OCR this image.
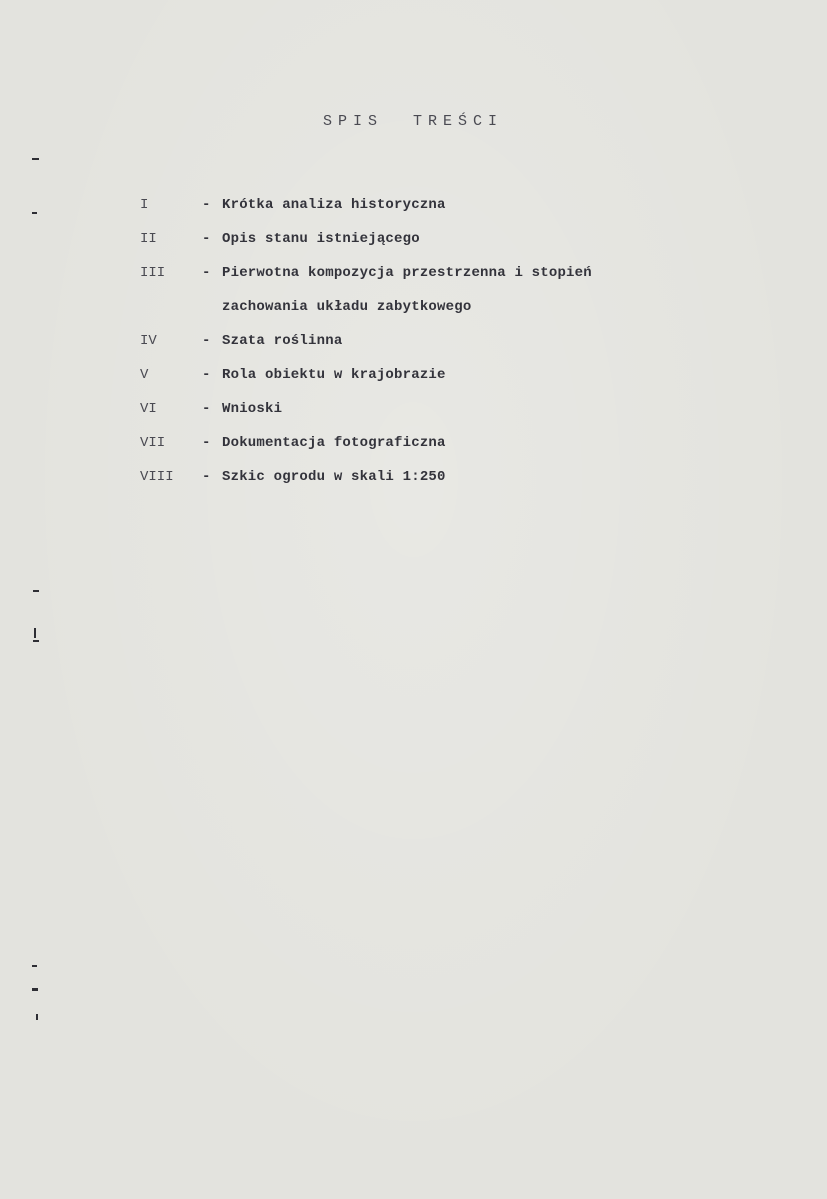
SPIS  TREŚCI
I	- Krótka analiza historyczna
II	- Opis stanu istniejącego
III	- Pierwotna kompozycja przestrzenna i stopień
zachowania układu zabytkowego
IV	- Szata roślinna
V	- Rola obiektu w krajobrazie
VI	- Wnioski
VII	- Dokumentacja fotograficzna
VIII	- Szkic ogrodu w skali 1:250
